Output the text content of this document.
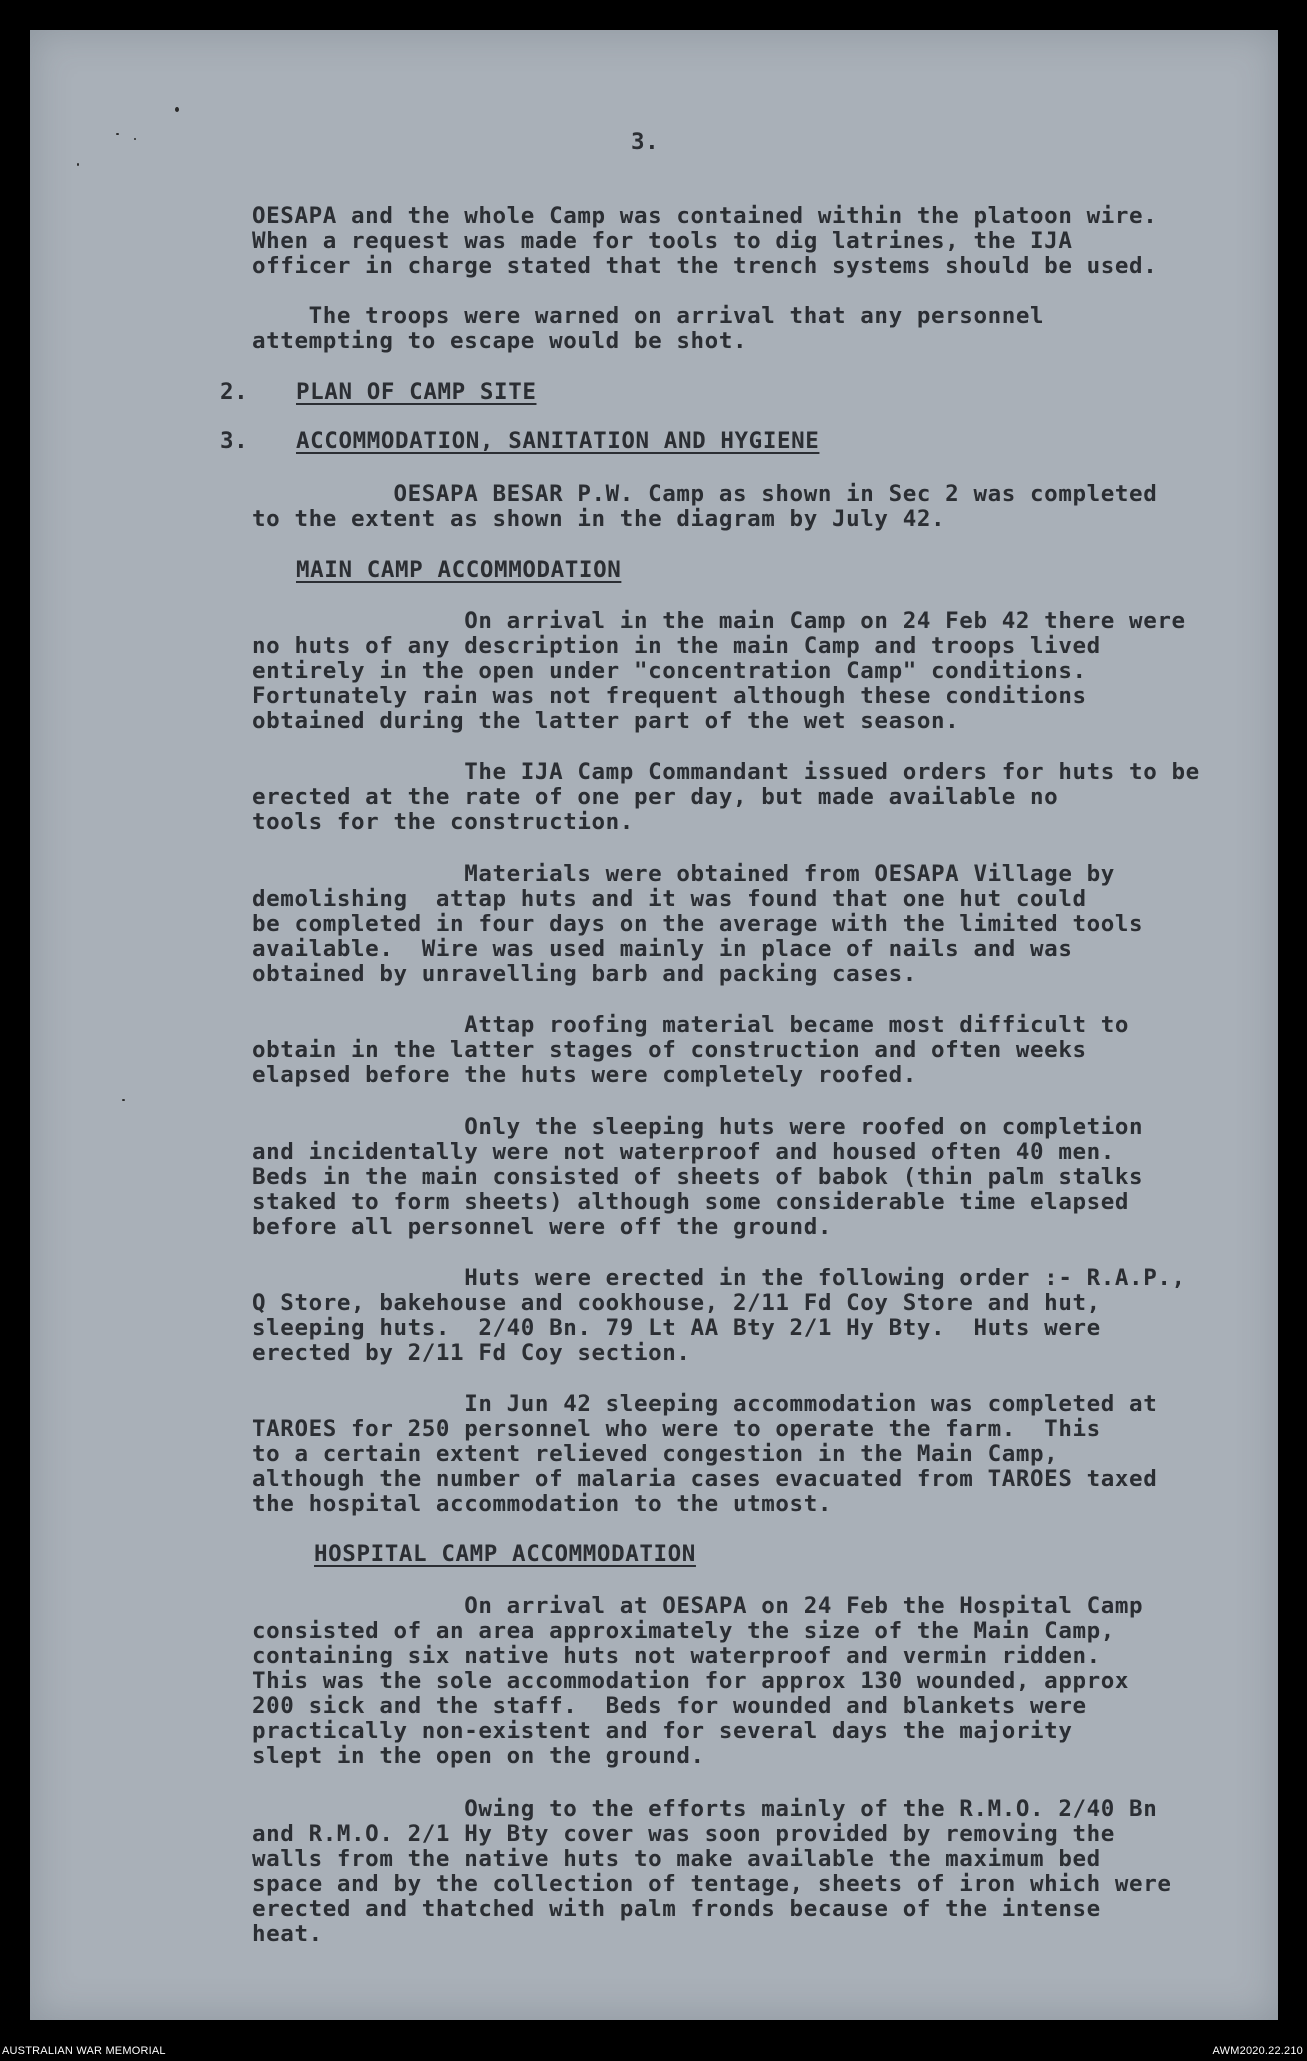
3.
OESAPA and the whole Camp was contained within the platoon wire.
When a request was made for tools to dig latrines, the IJA
officer in charge stated that the trench systems should be used.
The troops were warned on arrival that any personnel
attempting to escape would be shot.
2. PLAN OF CAMP SITE
3. ACCOMMODATION, SANITATION AND HYGIENE
OESAPA BESAR P.W. Camp as shown in Sec 2 was completed
to the extent as shown in the diagram by July 42.
MAIN CAMP ACCOMMODATION
On arrival in the main Camp on 24 Feb 42 there were
no huts of any description in the main Camp and troops lived
entirely in the open under "concentration Camp" conditions.
Fortunately rain was not frequent although these conditions
obtained during the latter part of the wet season.
The IJA Camp Commandant issued orders for huts to be
erected at the rate of one per day, but made available no
tools for the construction.
Materials were obtained from OESAPA Village by
demolishing  attap huts and it was found that one hut could
be completed in four days on the average with the limited tools
available.  Wire was used mainly in place of nails and was
obtained by unravelling barb and packing cases.
Attap roofing material became most difficult to
obtain in the latter stages of construction and often weeks
elapsed before the huts were completely roofed.
Only the sleeping huts were roofed on completion
and incidentally were not waterproof and housed often 40 men.
Beds in the main consisted of sheets of babok (thin palm stalks
staked to form sheets) although some considerable time elapsed
before all personnel were off the ground.
Huts were erected in the following order :- R.A.P.,
Q Store, bakehouse and cookhouse, 2/11 Fd Coy Store and hut,
sleeping huts.  2/40 Bn. 79 Lt AA Bty 2/1 Hy Bty.  Huts were
erected by 2/11 Fd Coy section.
In Jun 42 sleeping accommodation was completed at
TAROES for 250 personnel who were to operate the farm.  This
to a certain extent relieved congestion in the Main Camp,
although the number of malaria cases evacuated from TAROES taxed
the hospital accommodation to the utmost.
HOSPITAL CAMP ACCOMMODATION
On arrival at OESAPA on 24 Feb the Hospital Camp
consisted of an area approximately the size of the Main Camp,
containing six native huts not waterproof and vermin ridden.
This was the sole accommodation for approx 130 wounded, approx
200 sick and the staff.  Beds for wounded and blankets were
practically non-existent and for several days the majority
slept in the open on the ground.
Owing to the efforts mainly of the R.M.O. 2/40 Bn
and R.M.O. 2/1 Hy Bty cover was soon provided by removing the
walls from the native huts to make available the maximum bed
space and by the collection of tentage, sheets of iron which were
erected and thatched with palm fronds because of the intense
heat.
AUSTRALIAN WAR MEMORIAL	AWM2020.22.210
